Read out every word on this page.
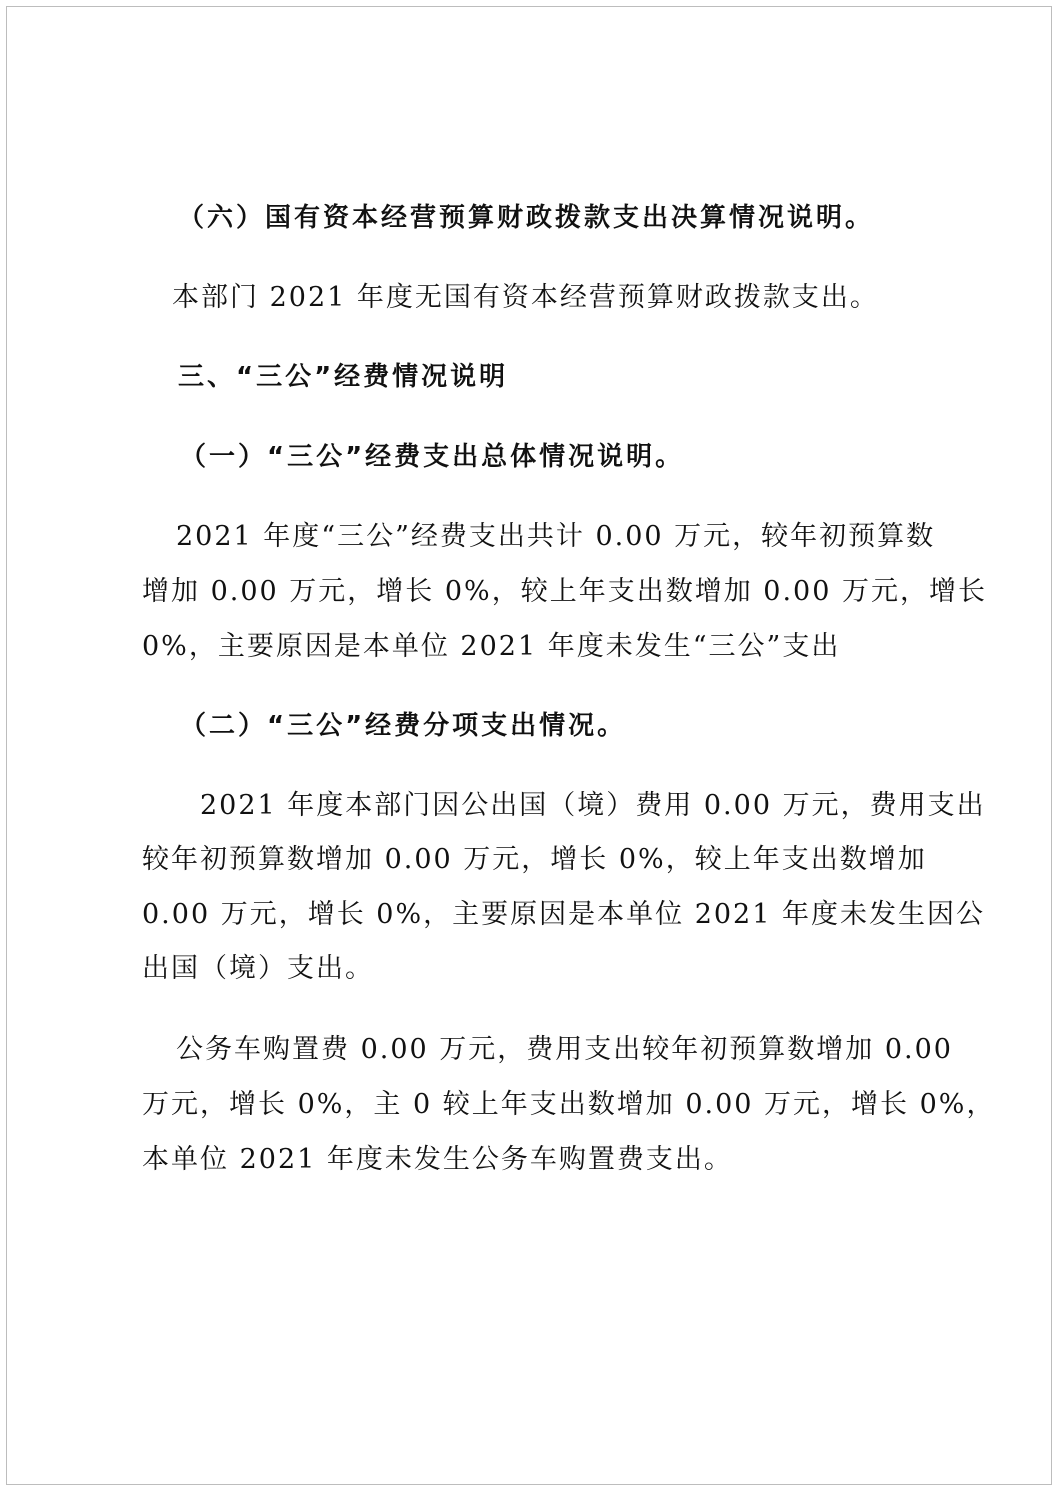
（六）国有资本经营预算财政拨款支出决算情况说明。
本部门 2021 年度无国有资本经营预算财政拨款支出。
三、“三公”经费情况说明
（一）“三公”经费支出总体情况说明。
2021 年度“三公”经费支出共计 0.00 万元，较年初预算数
增加 0.00 万元，增长 0%，较上年支出数增加 0.00 万元，增长
0%，主要原因是本单位 2021 年度未发生“三公”支出
（二）“三公”经费分项支出情况。
2021 年度本部门因公出国（境）费用 0.00 万元，费用支出
较年初预算数增加 0.00 万元，增长 0%，较上年支出数增加
0.00 万元，增长 0%，主要原因是本单位 2021 年度未发生因公
出国（境）支出。
公务车购置费 0.00 万元，费用支出较年初预算数增加 0.00
万元，增长 0%，主 0 较上年支出数增加 0.00 万元，增长 0%，
本单位 2021 年度未发生公务车购置费支出。
